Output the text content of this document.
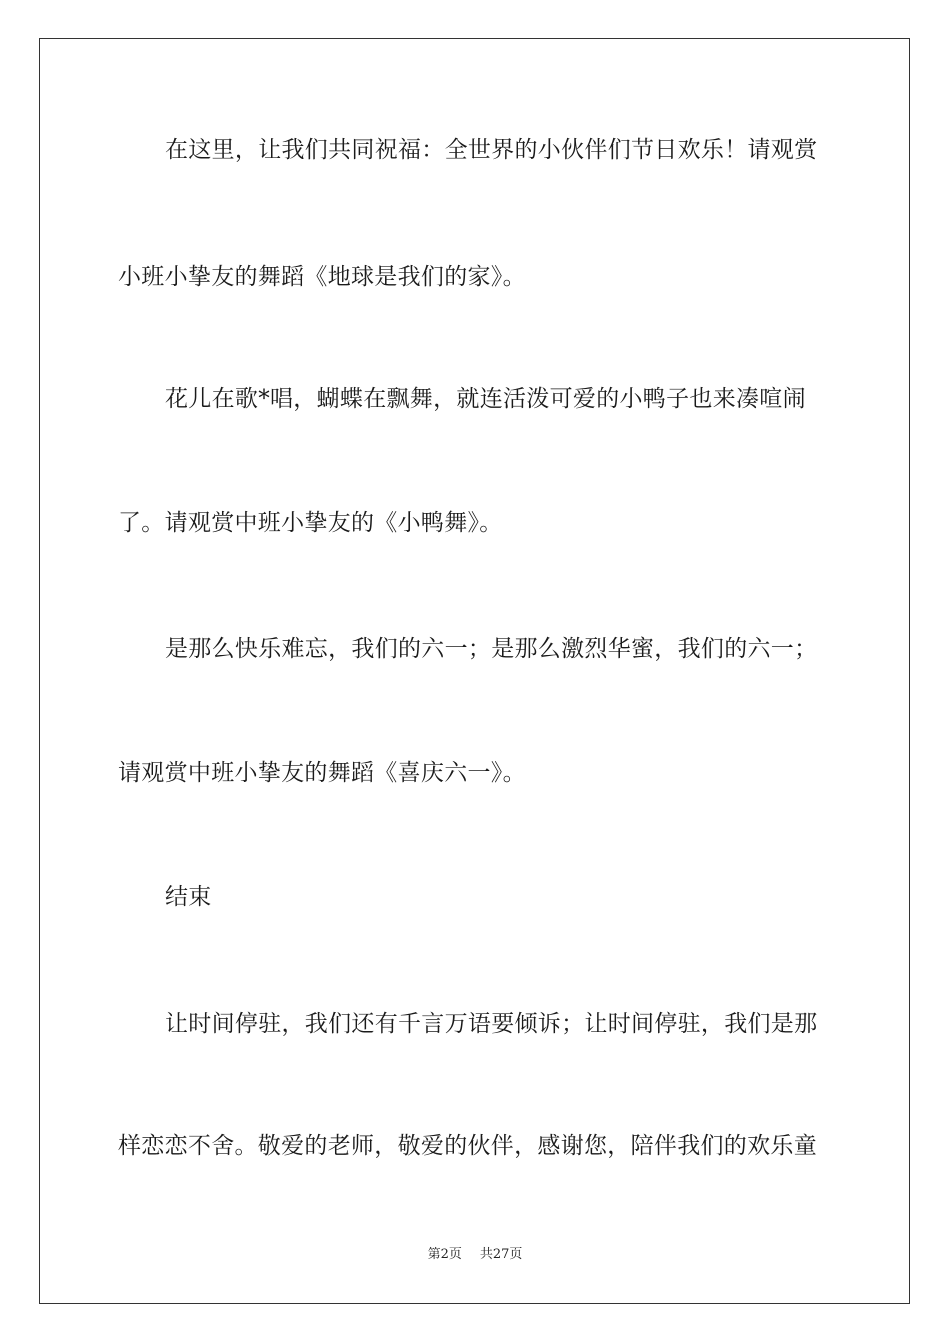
在这里，让我们共同祝福：全世界的小伙伴们节日欢乐！请观赏
小班小挚友的舞蹈《地球是我们的家》。
花儿在歌*唱，蝴蝶在飘舞，就连活泼可爱的小鸭子也来凑喧闹
了。请观赏中班小挚友的《小鸭舞》。
是那么快乐难忘，我们的六一；是那么激烈华蜜，我们的六一；
请观赏中班小挚友的舞蹈《喜庆六一》。
结束
让时间停驻，我们还有千言万语要倾诉；让时间停驻，我们是那
样恋恋不舍。敬爱的老师，敬爱的伙伴，感谢您，陪伴我们的欢乐童
第2页 共27页
